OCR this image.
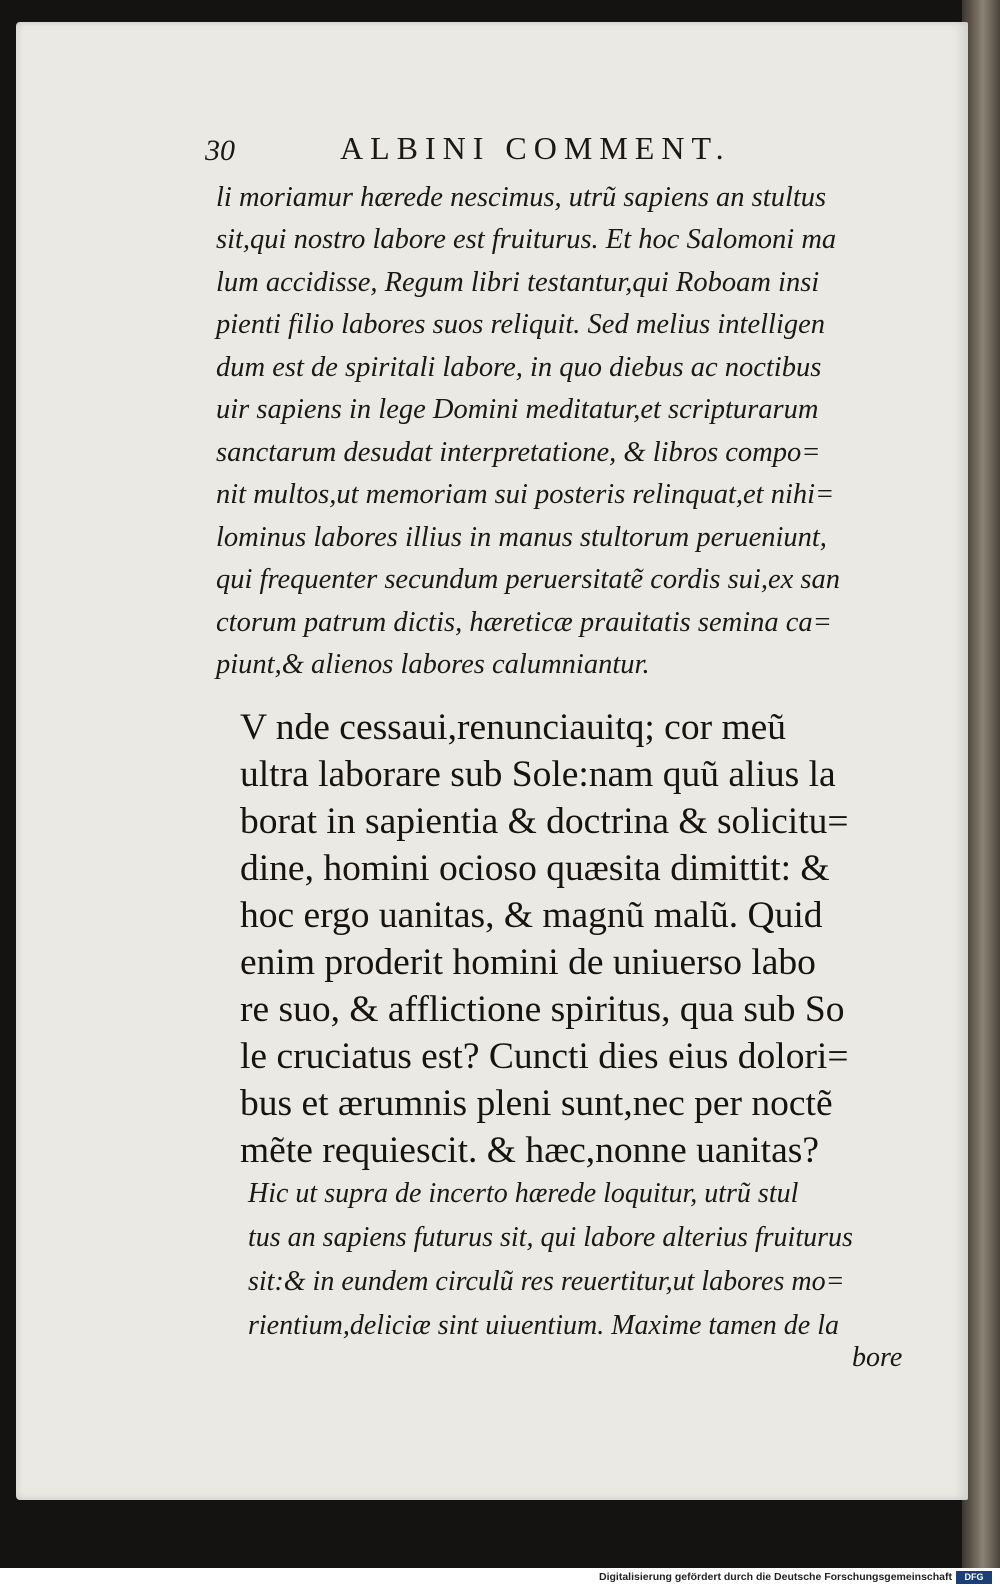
30	ALBINI COMMENT.
li moriamur hærede nescimus, utrũ sapiens an stultus
sit,qui nostro labore est fruiturus. Et hoc Salomoni ma
lum accidisse, Regum libri testantur,qui Roboam insi
pienti filio labores suos reliquit. Sed melius intelligen
dum est de spiritali labore, in quo diebus ac noctibus
uir sapiens in lege Domini meditatur,et scripturarum
sanctarum desudat interpretatione, & libros compo=
nit multos,ut memoriam sui posteris relinquat,et nihi=
lominus labores illius in manus stultorum perueniunt,
qui frequenter secundum peruersitatẽ cordis sui,ex san
ctorum patrum dictis, hæreticæ prauitatis semina ca=
piunt,& alienos labores calumniantur.
V nde cessaui,renunciauitq; cor meũ
ultra laborare sub Sole:nam quũ alius la
borat in sapientia & doctrina & solicitu=
dine, homini ocioso quæsita dimittit: &
hoc ergo uanitas, & magnũ malũ. Quid
enim proderit homini de uniuerso labo
re suo, & afflictione spiritus, qua sub So
le cruciatus est? Cuncti dies eius dolori=
bus et ærumnis pleni sunt,nec per noctẽ
mẽte requiescit. & hæc,nonne uanitas?
Hic ut supra de incerto hærede loquitur, utrũ stul
tus an sapiens futurus sit, qui labore alterius fruiturus
sit:& in eundem circulũ res reuertitur,ut labores mo=
rientium,deliciæ sint uiuentium. Maxime tamen de la
bore
Digitalisierung gefördert durch die Deutsche Forschungsgemeinschaft	DFG
